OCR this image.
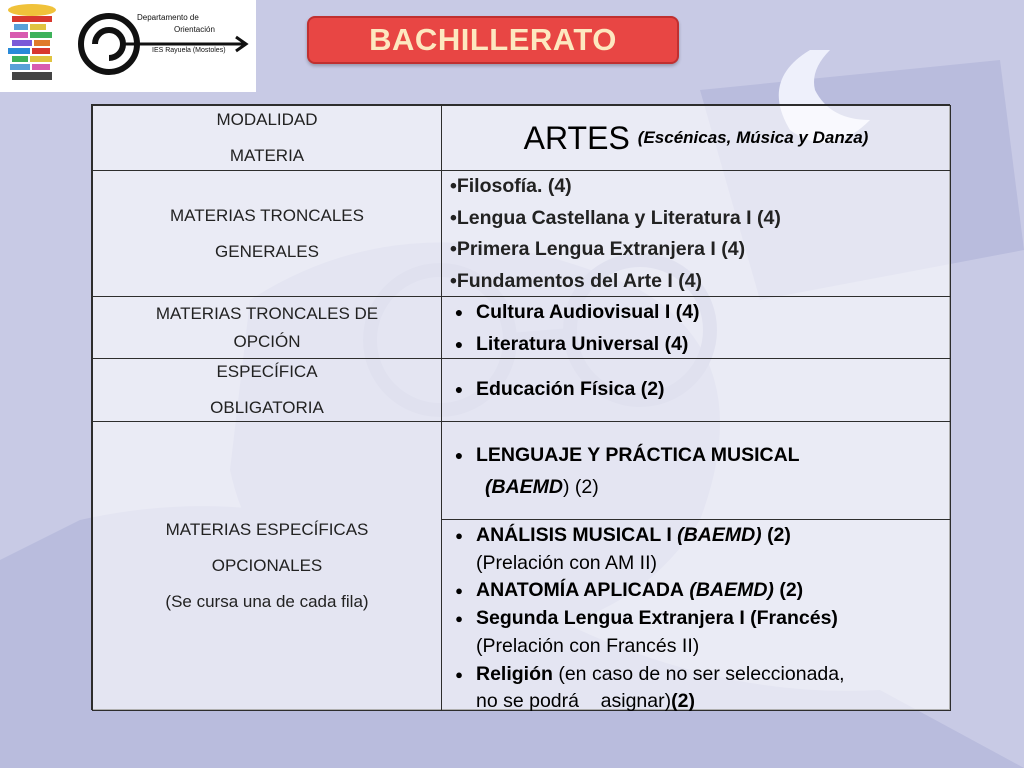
Departamento de
Orientación
IES Rayuela (Mostoles)	BACHILLERATO
MODALIDAD
MATERIA	ARTES (Escénicas, Música y Danza)
MATERIAS TRONCALES
GENERALES
•Filosofía. (4)
•Lengua Castellana y Literatura I (4)
•Primera Lengua Extranjera I (4)
•Fundamentos del Arte I (4)
MATERIAS TRONCALES DE
OPCIÓN
● Cultura Audiovisual I (4)
● Literatura Universal (4)
ESPECÍFICA
OBLIGATORIA
● Educación Física (2)
MATERIAS ESPECÍFICAS
OPCIONALES
(Se cursa una de cada fila)
● LENGUAJE Y PRÁCTICA MUSICAL
(BAEMD) (2)
● ANÁLISIS MUSICAL I
(BAEMD)
(2)
(Prelación con AM II)
● ANATOMÍA APLICADA
(BAEMD)
(2)
● Segunda Lengua Extranjera I (Francés)
(Prelación con Francés II)
● Religión
(en caso de no ser seleccionada,
no se podrá    asignar) (2)
